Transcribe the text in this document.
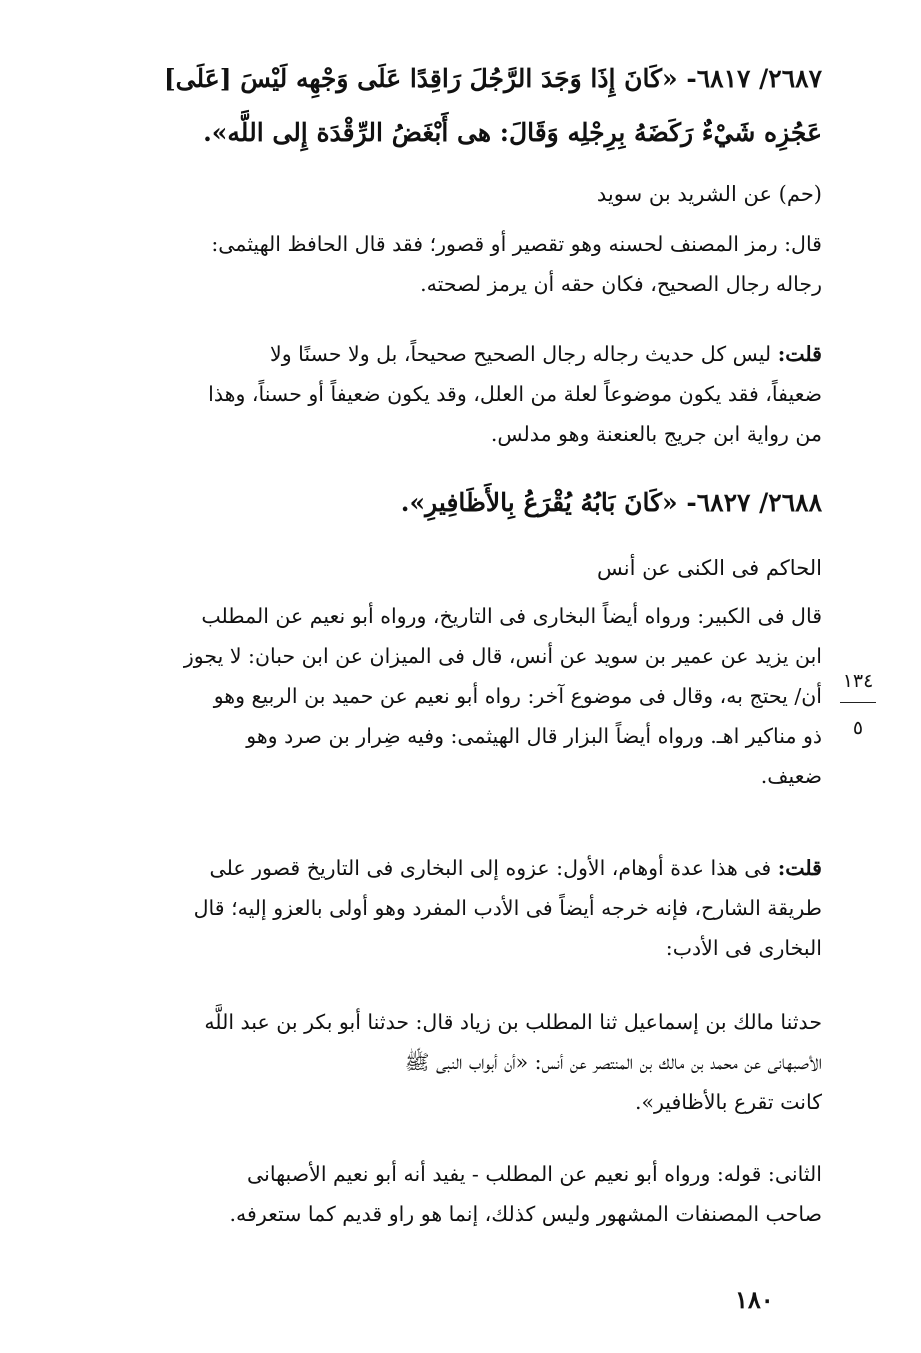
٢٦٨٧/ ٦٨١٧- «كَانَ إِذَا وَجَدَ الرَّجُلَ رَاقِدًا عَلَى وَجْهِه لَيْسَ [عَلَى]
عَجُزِه شَيْءٌ رَكَضَهُ بِرِجْلِه وَقَالَ: هى أَبْغَضُ الرِّقْدَة إِلى اللَّه».
(حم) عن الشريد بن سويد
قال: رمز المصنف لحسنه وهو تقصير أو قصور؛ فقد قال الحافظ الهيثمى:
رجاله رجال الصحيح، فكان حقه أن يرمز لصحته.
قلت: ليس كل حديث رجاله رجال الصحيح صحيحاً، بل ولا حسنًا ولا
ضعيفاً، فقد يكون موضوعاً لعلة من العلل، وقد يكون ضعيفاً أو حسناً، وهذا
من رواية ابن جريج بالعنعنة وهو مدلس.
٢٦٨٨/ ٦٨٢٧- «كَانَ بَابُهُ يُقْرَعُ بِالأَظَافِيرِ».
الحاكم فى الكنى عن أنس
قال فى الكبير: ورواه أيضاً البخارى فى التاريخ، ورواه أبو نعيم عن المطلب
ابن يزيد عن عمير بن سويد عن أنس، قال فى الميزان عن ابن حبان: لا يجوز
أن/ يحتج به، وقال فى موضوع آخر: رواه أبو نعيم عن حميد بن الربيع وهو
ذو مناكير اهـ. ورواه أيضاً البزار قال الهيثمى: وفيه ضِرار بن صرد وهو
ضعيف.
قلت: فى هذا عدة أوهام، الأول: عزوه إلى البخارى فى التاريخ قصور على
طريقة الشارح، فإنه خرجه أيضاً فى الأدب المفرد وهو أولى بالعزو إليه؛ قال
البخارى فى الأدب:
حدثنا مالك بن إسماعيل ثنا المطلب بن زياد قال: حدثنا أبو بكر بن عبد اللَّه
الأصبهانى عن محمد بن مالك بن المنتصر عن أنس: «أن أبواب النبى ﷺ
كانت تقرع بالأظافير».
الثانى: قوله: ورواه أبو نعيم عن المطلب - يفيد أنه أبو نعيم الأصبهانى
صاحب المصنفات المشهور وليس كذلك، إنما هو راو قديم كما ستعرفه.
١٣٤
٥
١٨٠
